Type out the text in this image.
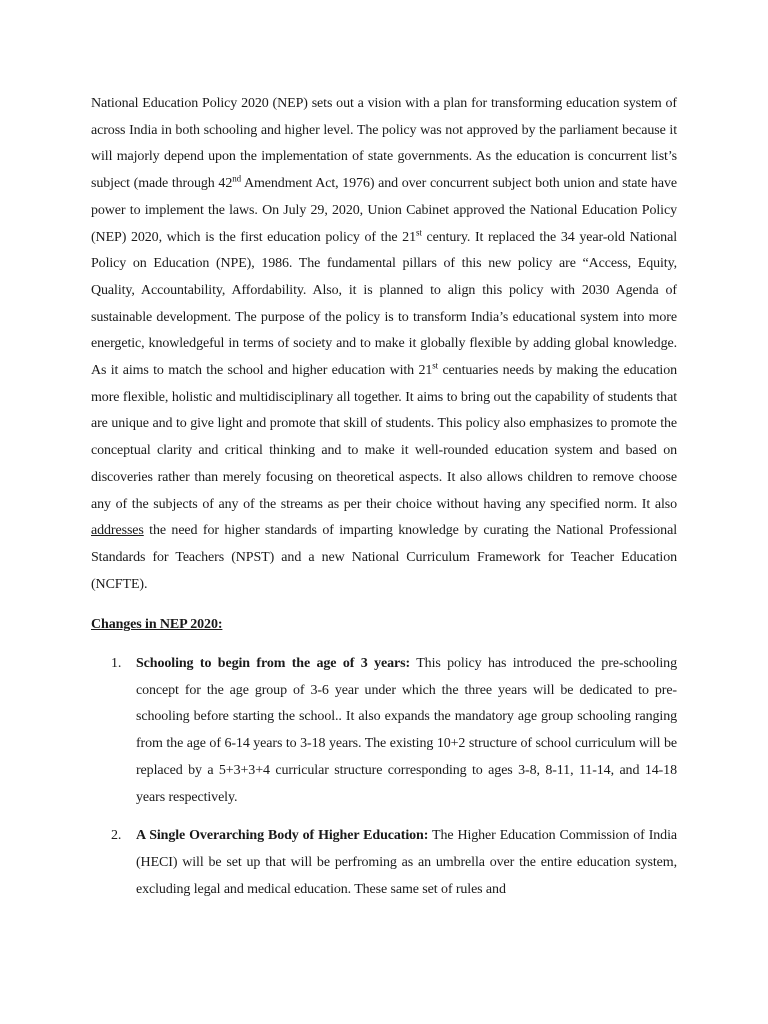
National Education Policy 2020 (NEP) sets out a vision with a plan for transforming education system of across India in both schooling and higher level. The policy was not approved by the parliament because it will majorly depend upon the implementation of state governments. As the education is concurrent list’s subject (made through 42nd Amendment Act, 1976) and over concurrent subject both union and state have power to implement the laws. On July 29, 2020, Union Cabinet approved the National Education Policy (NEP) 2020, which is the first education policy of the 21st century. It replaced the 34 year-old National Policy on Education (NPE), 1986. The fundamental pillars of this new policy are “Access, Equity, Quality, Accountability, Affordability. Also, it is planned to align this policy with 2030 Agenda of sustainable development. The purpose of the policy is to transform India’s educational system into more energetic, knowledgeful in terms of society and to make it globally flexible by adding global knowledge. As it aims to match the school and higher education with 21st centuaries needs by making the education more flexible, holistic and multidisciplinary all together. It aims to bring out the capability of students that are unique and to give light and promote that skill of students. This policy also emphasizes to promote the conceptual clarity and critical thinking and to make it well-rounded education system and based on discoveries rather than merely focusing on theoretical aspects. It also allows children to remove choose any of the subjects of any of the streams as per their choice without having any specified norm. It also addresses the need for higher standards of imparting knowledge by curating the National Professional Standards for Teachers (NPST) and a new National Curriculum Framework for Teacher Education (NCFTE).

Changes in NEP 2020:

1. Schooling to begin from the age of 3 years: This policy has introduced the pre-schooling concept for the age group of 3-6 year under which the three years will be dedicated to pre-schooling before starting the school.. It also expands the mandatory age group schooling ranging from the age of 6-14 years to 3-18 years. The existing 10+2 structure of school curriculum will be replaced by a 5+3+3+4 curricular structure corresponding to ages 3-8, 8-11, 11-14, and 14-18 years respectively.
2. A Single Overarching Body of Higher Education: The Higher Education Commission of India (HECI) will be set up that will be perfroming as an umbrella over the entire education system, excluding legal and medical education. These same set of rules and
